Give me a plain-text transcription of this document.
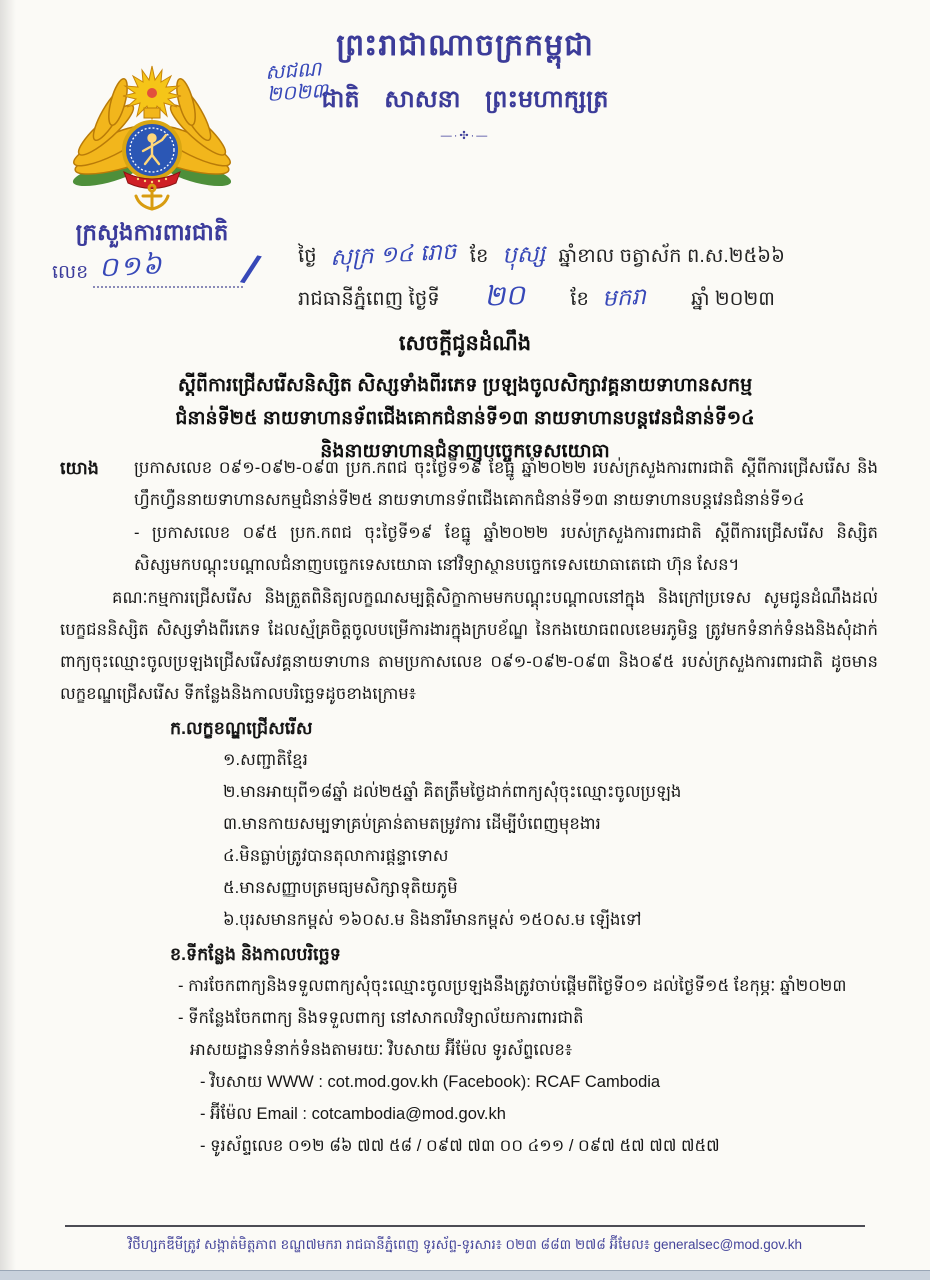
ព្រះរាជាណាចក្រកម្ពុជា
ជាតិ សាសនា ព្រះមហាក្សត្រ
—·✣·—
ក្រសួងការពារជាតិ
លេខ ០១៦ /
សជណ
២០២៣
ថ្ងៃ សុក្រ ១៤ រោច ខែ បុស្ស ឆ្នាំខាល ចត្វាស័ក ព.ស.២៥៦៦
រាជធានីភ្នំពេញ ថ្ងៃទី ២០ ខែ មករា ឆ្នាំ ២០២៣
សេចក្តីជូនដំណឹង
ស្តីពីការជ្រើសរើសនិស្សិត សិស្សទាំងពីរភេទ ប្រឡងចូលសិក្សាវគ្គនាយទាហានសកម្ម
ជំនាន់ទី២៥ នាយទាហានទ័ពជើងគោកជំនាន់ទី១៣ នាយទាហានបន្តវេនជំនាន់ទី១៤
និងនាយទាហានជំនាញបច្ចេកទេសយោធា
យោង ប្រកាសលេខ ០៩១-០៩២-០៩៣ ប្រក.កពជ ចុះថ្ងៃទី១៩ ខែធ្នូ ឆ្នាំ២០២២ របស់ក្រសួងការពារជាតិ ស្តីពីការជ្រើសរើស និងហ្វឹកហ្វឺននាយទាហានសកម្មជំនាន់ទី២៥ នាយទាហានទ័ពជើងគោកជំនាន់ទី១៣ នាយទាហានបន្តវេនជំនាន់ទី១៤
- ប្រកាសលេខ ០៩៥ ប្រក.កពជ ចុះថ្ងៃទី១៩ ខែធ្នូ ឆ្នាំ២០២២ របស់ក្រសួងការពារជាតិ ស្តីពីការជ្រើសរើស និស្សិត សិស្សមកបណ្តុះបណ្តាលជំនាញបច្ចេកទេសយោធា នៅវិទ្យាស្ថានបច្ចេកទេសយោធាតេជោ ហ៊ុន សែន។
គណៈកម្មការជ្រើសរើស និងត្រួតពិនិត្យលក្ខណសម្បត្តិសិក្ខាកាមមកបណ្តុះបណ្តាលនៅក្នុង និងក្រៅប្រទេស សូមជូនដំណឹងដល់បេក្ខជននិស្សិត សិស្សទាំងពីរភេទ ដែលស្ម័គ្រចិត្តចូលបម្រើការងារក្នុងក្របខ័ណ្ឌ នៃកងយោធពលខេមរភូមិន្ទ ត្រូវមកទំនាក់ទំនងនិងសុំដាក់ពាក្យចុះឈ្មោះចូលប្រឡងជ្រើសរើសវគ្គនាយទាហាន តាមប្រកាសលេខ ០៩១-០៩២-០៩៣ និង០៩៥ របស់ក្រសួងការពារជាតិ ដូចមានលក្ខខណ្ឌជ្រើសរើស ទីកន្លែងនិងកាលបរិច្ឆេទដូចខាងក្រោម៖
ក.លក្ខខណ្ឌជ្រើសរើស
១.សញ្ជាតិខ្មែរ
២.មានអាយុពី១៨ឆ្នាំ ដល់២៥ឆ្នាំ គិតត្រឹមថ្ងៃដាក់ពាក្យសុំចុះឈ្មោះចូលប្រឡង
៣.មានកាយសម្បទាគ្រប់គ្រាន់តាមតម្រូវការ ដើម្បីបំពេញមុខងារ
៤.មិនធ្លាប់ត្រូវបានតុលាការផ្តន្ទាទោស
៥.មានសញ្ញាបត្រមធ្យមសិក្សាទុតិយភូមិ
៦.បុរសមានកម្ពស់ ១៦០ស.ម និងនារីមានកម្ពស់ ១៥០ស.ម ឡើងទៅ
ខ.ទីកន្លែង និងកាលបរិច្ឆេទ
- ការចែកពាក្យនិងទទួលពាក្យសុំចុះឈ្មោះចូលប្រឡងនឹងត្រូវចាប់ផ្តើមពីថ្ងៃទី០១ ដល់ថ្ងៃទី១៥ ខែកុម្ភៈ ឆ្នាំ២០២៣
- ទីកន្លែងចែកពាក្យ និងទទួលពាក្យ នៅសាកលវិទ្យាល័យការពារជាតិ
អាសយដ្ឋានទំនាក់ទំនងតាមរយៈ វិបសាយ អ៊ីម៉ែល ទូរស័ព្ទលេខ៖
- វិបសាយ WWW : cot.mod.gov.kh (Facebook): RCAF Cambodia
- អ៊ីម៉ែល Email : cotcambodia@mod.gov.kh
- ទូរស័ព្ទលេខ ០១២ ៨៦ ៧៧ ៥៨ / ០៩៧ ៧៣ ០០ ៤១១ / ០៩៧ ៥៧ ៧៧ ៧៥៧
វិថីហ្សកឌីមីត្រូវ សង្កាត់មិត្តភាព ខណ្ឌ៧មករា រាជធានីភ្នំពេញ ទូរស័ព្ទ-ទូរសារ៖ ០២៣ ៨៨៣ ២៧៨ អ៊ីមែល៖ generalsec@mod.gov.kh
